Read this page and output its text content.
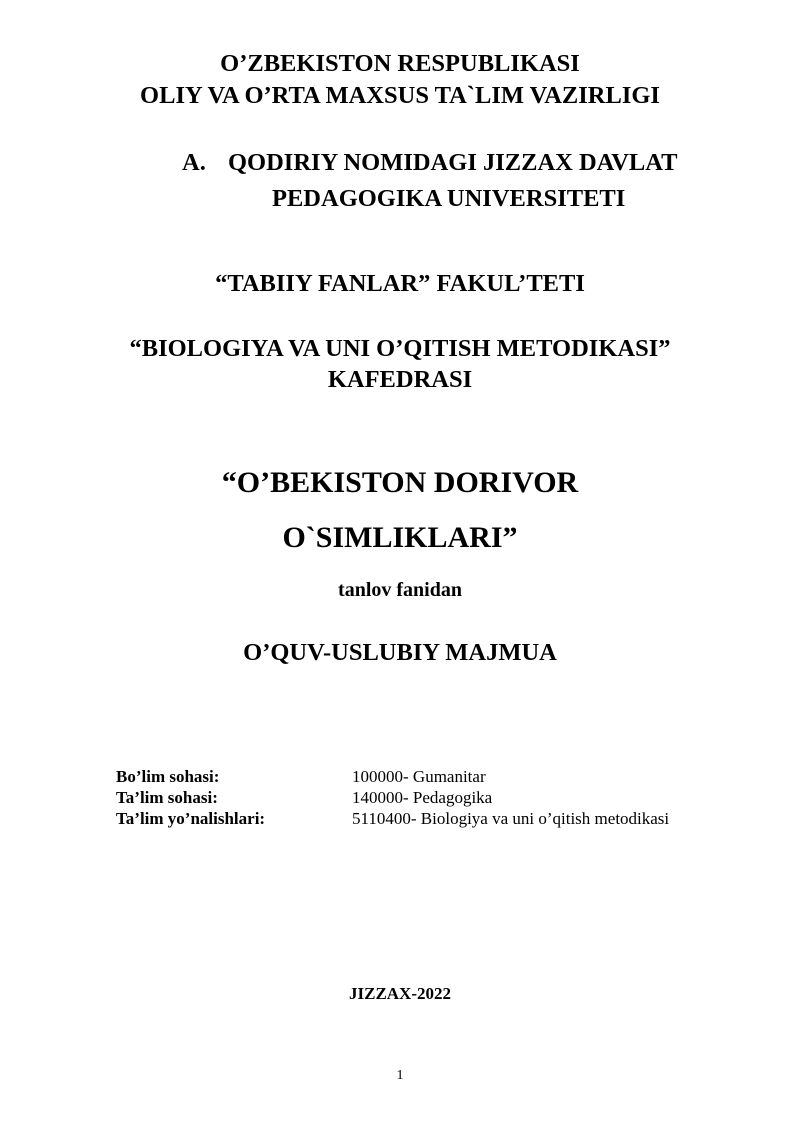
O’ZBEKISTON RESPUBLIKASI
OLIY VA O’RTA MAXSUS TA`LIM VAZIRLIGI
A. QODIRIY NOMIDAGI JIZZAX DAVLAT
PEDAGOGIKA UNIVERSITETI
“TABIIY FANLAR” FAKUL’TETI
“BIOLOGIYA VA UNI O’QITISH METODIKASI”
KAFEDRASI
“O’BEKISTON DORIVOR
O`SIMLIKLARI”
tanlov fanidan
O’QUV-USLUBIY MAJMUA
Bo’lim sohasi:	100000- Gumanitar
Ta’lim sohasi:	140000- Pedagogika
Ta’lim yo’nalishlari:	5110400- Biologiya va uni o’qitish metodikasi
JIZZAX-2022
1
